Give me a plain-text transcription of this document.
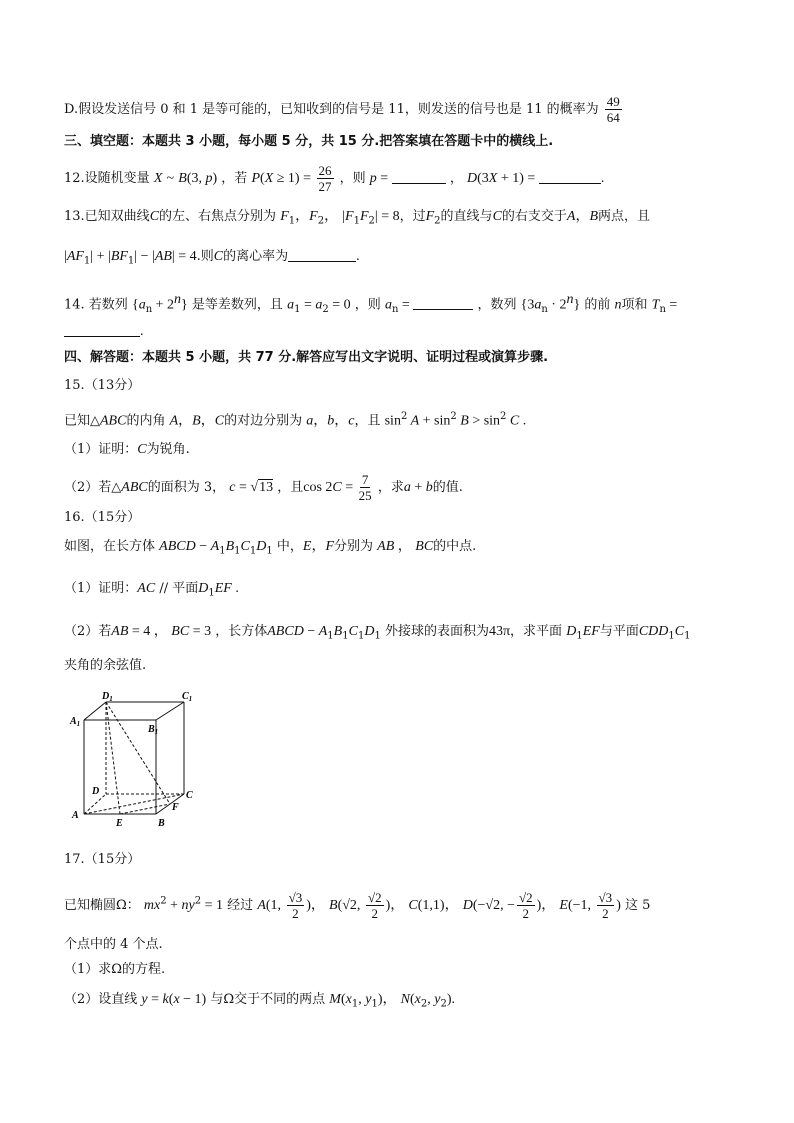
D.假设发送信号 0 和 1 是等可能的，已知收到的信号是 11，则发送的信号也是 11 的概率为 $\frac{49}{64}$
三、填空题：本题共 3 小题，每小题 5 分，共 15 分.把答案填在答题卡中的横线上.
12.设随机变量 X ~ B(3, p) ，若 $P(X \ge 1) = \frac{26}{27}$ ，则 p =	， D(3X + 1) =	.
13.已知双曲线C的左、右焦点分别为 $F_1$，$F_2$， $|F_1F_2| = 8$，过$F_2$的直线与C的右支交于A，B两点，且
$|AF_1| + |BF_1| - |AB| = 4$.则C的离心率为	.
14. 若数列 $\{a_n + 2^n\}$ 是等差数列，且 $a_1 = a_2 = 0$ ，则 $a_n$ =	，数列 $\{3a_n \cdot 2^n\}$ 的前 n项和 $T_n$ =
.
四、解答题：本题共 5 小题，共 77 分.解答应写出文字说明、证明过程或演算步骤.
15.（13分）
已知△ABC的内角 A，B，C的对边分别为 a，b，c，且 $\sin^2 A + \sin^2 B > \sin^2 C$ .
（1）证明：C为锐角.
（2）若△ABC的面积为 3， c = √13 ，且$\cos 2C = \frac{7}{25}$ ，求a + b的值.
16.（15分）
如图，在长方体 ABCD − $A_1B_1C_1D_1$ 中，E，F分别为 AB ， BC的中点.
（1）证明：AC // 平面$D_1EF$ .
（2）若AB = 4 ， BC = 3 ，长方体ABCD − $A_1B_1C_1D_1$ 外接球的表面积为43π，求平面 $D_1EF$与平面$CDD_1C_1$
夹角的余弦值.
$D_1$	$C_1$
$A_1$	$B_1$
D	C
A
B
E
F
17.（15分）
已知椭圆Ω： $mx^2 + ny^2 = 1$ 经过 A(1, $\frac{√3}{2}$ )， B(√2, $\frac{√2}{2}$ )， C(1,1)， D(−√2, − $\frac{√2}{2}$ )， E(−1, $\frac{√3}{2}$ ) 这 5
个点中的 4 个点.
（1）求Ω的方程.
（2）设直线 y = k(x − 1) 与Ω交于不同的两点 $M(x_1$, $y_1$)， $N(x_2$, $y_2$).
